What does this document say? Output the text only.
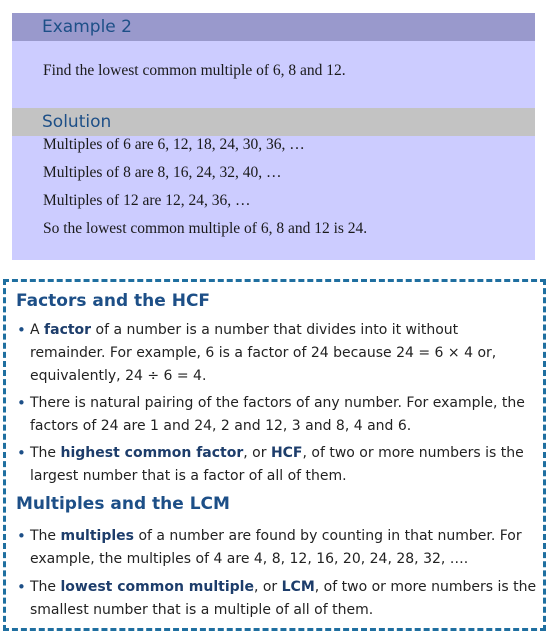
Example 2
Find the lowest common multiple of 6, 8 and 12.
Solution
Multiples of 6 are 6, 12, 18, 24, 30, 36, …
Multiples of 8 are 8, 16, 24, 32, 40, …
Multiples of 12 are 12, 24, 36, …
So the lowest common multiple of 6, 8 and 12 is 24.
Factors and the HCF
• A factor of a number is a number that divides into it without remainder. For example, 6 is a factor of 24 because 24 = 6 × 4 or, equivalently, 24 ÷ 6 = 4.
• There is natural pairing of the factors of any number. For example, the factors of 24 are 1 and 24, 2 and 12, 3 and 8, 4 and 6.
• The highest common factor, or HCF, of two or more numbers is the largest number that is a factor of all of them.
Multiples and the LCM
• The multiples of a number are found by counting in that number. For example, the multiples of 4 are 4, 8, 12, 16, 20, 24, 28, 32, ….
• The lowest common multiple, or LCM, of two or more numbers is the smallest number that is a multiple of all of them.
